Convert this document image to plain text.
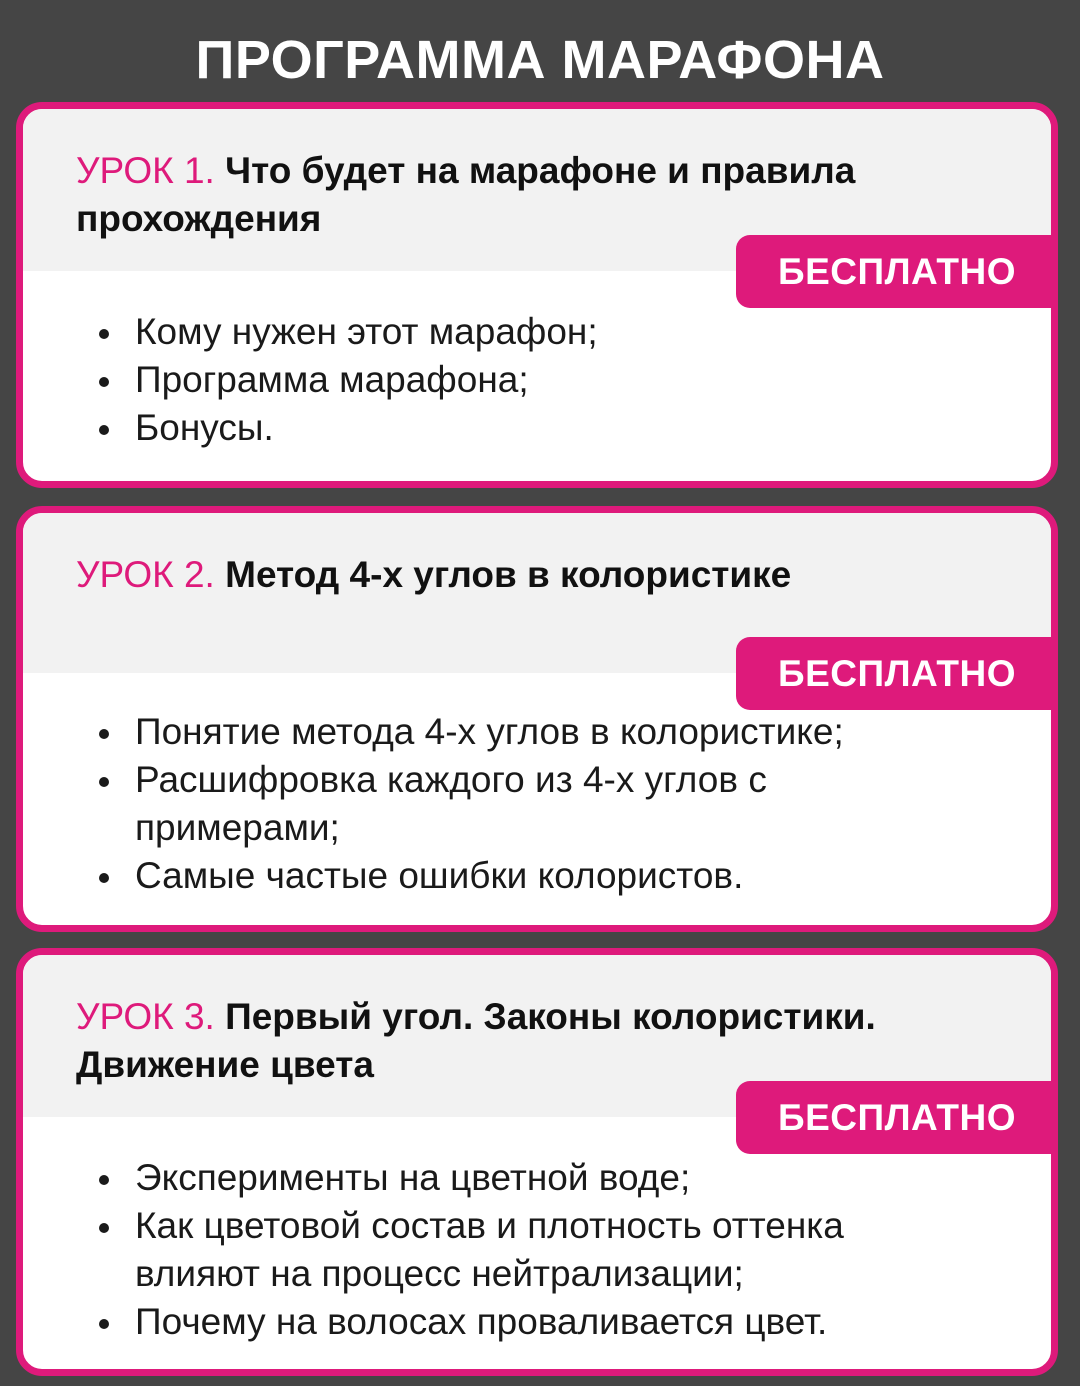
ПРОГРАММА МАРАФОНА
УРОК 1. Что будет на марафоне и правила прохождения
БЕСПЛАТНО
Кому нужен этот марафон;
Программа марафона;
Бонусы.
УРОК 2. Метод 4-х углов в колористике
БЕСПЛАТНО
Понятие метода 4-х углов в колористике;
Расшифровка каждого из 4-х углов с примерами;
Самые частые ошибки колористов.
УРОК 3. Первый угол. Законы колористики. Движение цвета
БЕСПЛАТНО
Эксперименты на цветной воде;
Как цветовой состав и плотность оттенка влияют на процесс нейтрализации;
Почему на волосах проваливается цвет.
